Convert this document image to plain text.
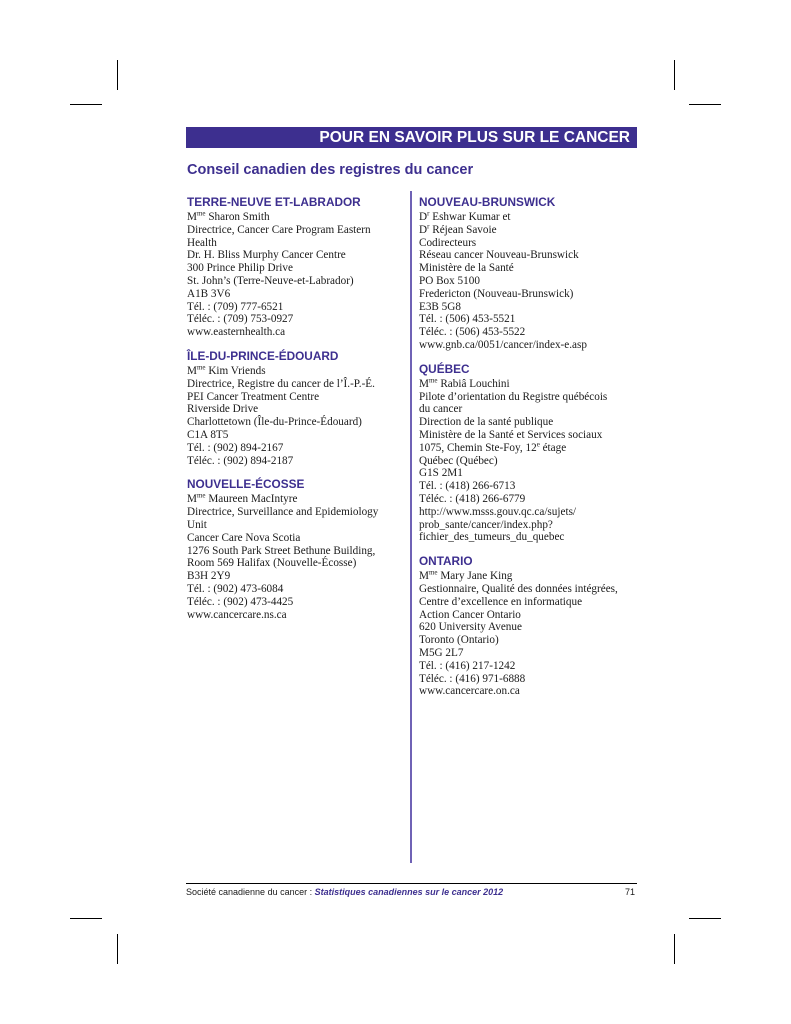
POUR EN SAVOIR PLUS SUR LE CANCER
Conseil canadien des registres du cancer
TERRE-NEUVE ET-LABRADOR
$M^{me}$ Sharon Smith
Directrice, Cancer Care Program Eastern
Health
Dr. H. Bliss Murphy Cancer Centre
300 Prince Philip Drive
St. John’s (Terre-Neuve-et-Labrador)
A1B 3V6
Tél. : (709) 777-6521
Téléc. : (709) 753-0927
www.easternhealth.ca
ÎLE-DU-PRINCE-ÉDOUARD
$M^{me}$ Kim Vriends
Directrice, Registre du cancer de l’Î.-P.-É.
PEI Cancer Treatment Centre
Riverside Drive
Charlottetown (Île-du-Prince-Édouard)
C1A 8T5
Tél. : (902) 894-2167
Téléc. : (902) 894-2187
NOUVELLE-ÉCOSSE
$M^{me}$ Maureen MacIntyre
Directrice, Surveillance and Epidemiology
Unit
Cancer Care Nova Scotia
1276 South Park Street Bethune Building,
Room 569 Halifax (Nouvelle-Écosse)
B3H 2Y9
Tél. : (902) 473-6084
Téléc. : (902) 473-4425
www.cancercare.ns.ca
NOUVEAU-BRUNSWICK
$D^r$ Eshwar Kumar et
$D^r$ Réjean Savoie
Codirecteurs
Réseau cancer Nouveau-Brunswick
Ministère de la Santé
PO Box 5100
Fredericton (Nouveau-Brunswick)
E3B 5G8
Tél. : (506) 453-5521
Téléc. : (506) 453-5522
www.gnb.ca/0051/cancer/index-e.asp
QUÉBEC
$M^{me}$ Rabiâ Louchini
Pilote d’orientation du Registre québécois
du cancer
Direction de la santé publique
Ministère de la Santé et Services sociaux
1075, Chemin Ste-Foy, 12e étage
Québec (Québec)
G1S 2M1
Tél. : (418) 266-6713
Téléc. : (418) 266-6779
http://www.msss.gouv.qc.ca/sujets/
prob_sante/cancer/index.php?
fichier_des_tumeurs_du_quebec
ONTARIO
$M^{me}$ Mary Jane King
Gestionnaire, Qualité des données intégrées,
Centre d’excellence en informatique
Action Cancer Ontario
620 University Avenue
Toronto (Ontario)
M5G 2L7
Tél. : (416) 217-1242
Téléc. : (416) 971-6888
www.cancercare.on.ca
Société canadienne du cancer : Statistiques canadiennes sur le cancer 2012	71
